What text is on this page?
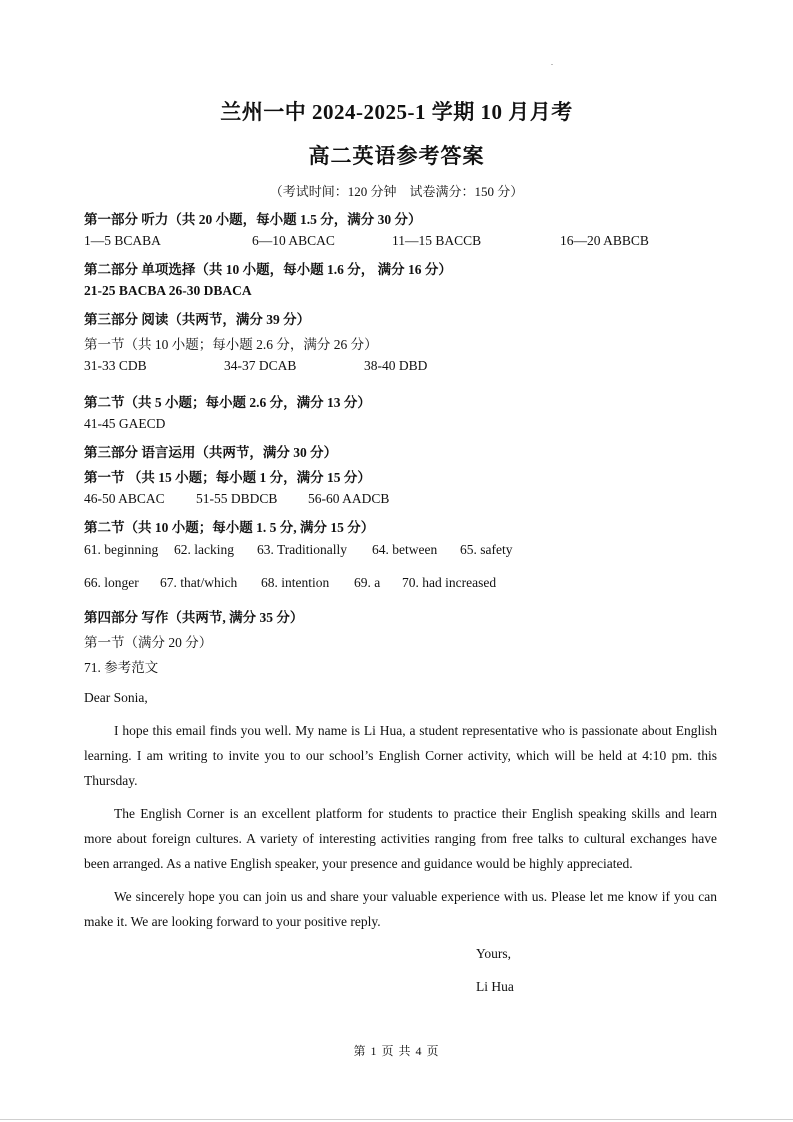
.
兰州一中 2024-2025-1 学期 10 月月考
高二英语参考答案
（考试时间：120 分钟　试卷满分：150 分）
第一部分 听力（共 20 小题，每小题 1.5 分，满分 30 分）
1—5 BCABA	6—10 ABCAC	11—15 BACCB	16—20 ABBCB
第二部分 单项选择（共 10 小题，每小题 1.6 分， 满分 16 分）
21-25 BACBA 26-30 DBACA
第三部分 阅读（共两节，满分 39 分）
第一节（共 10 小题；每小题 2.6 分，满分 26 分）
31-33 CDB	34-37 DCAB	38-40 DBD
第二节（共 5 小题；每小题 2.6 分，满分 13 分）
41-45 GAECD
第三部分 语言运用（共两节，满分 30 分）
第一节 （共 15 小题；每小题 1 分，满分 15 分）
46-50 ABCAC 51-55 DBDCB 56-60 AADCB
第二节（共 10 小题；每小题 1. 5 分, 满分 15 分）
61. beginning 62. lacking 63. Traditionally 64. between 65. safety
66. longer 67. that/which 68. intention 69. a 70. had increased
第四部分 写作（共两节, 满分 35 分）
第一节（满分 20 分）
71. 参考范文
Dear Sonia,
I hope this email finds you well. My name is Li Hua, a student representative who is passionate about English learning. I am writing to invite you to our school’s English Corner activity, which will be held at 4:10 pm. this Thursday.
The English Corner is an excellent platform for students to practice their English speaking skills and learn more about foreign cultures. A variety of interesting activities ranging from free talks to cultural exchanges have been arranged. As a native English speaker, your presence and guidance would be highly appreciated.
We sincerely hope you can join us and share your valuable experience with us. Please let me know if you can make it. We are looking forward to your positive reply.
Yours,
Li Hua
第 1 页 共 4 页
